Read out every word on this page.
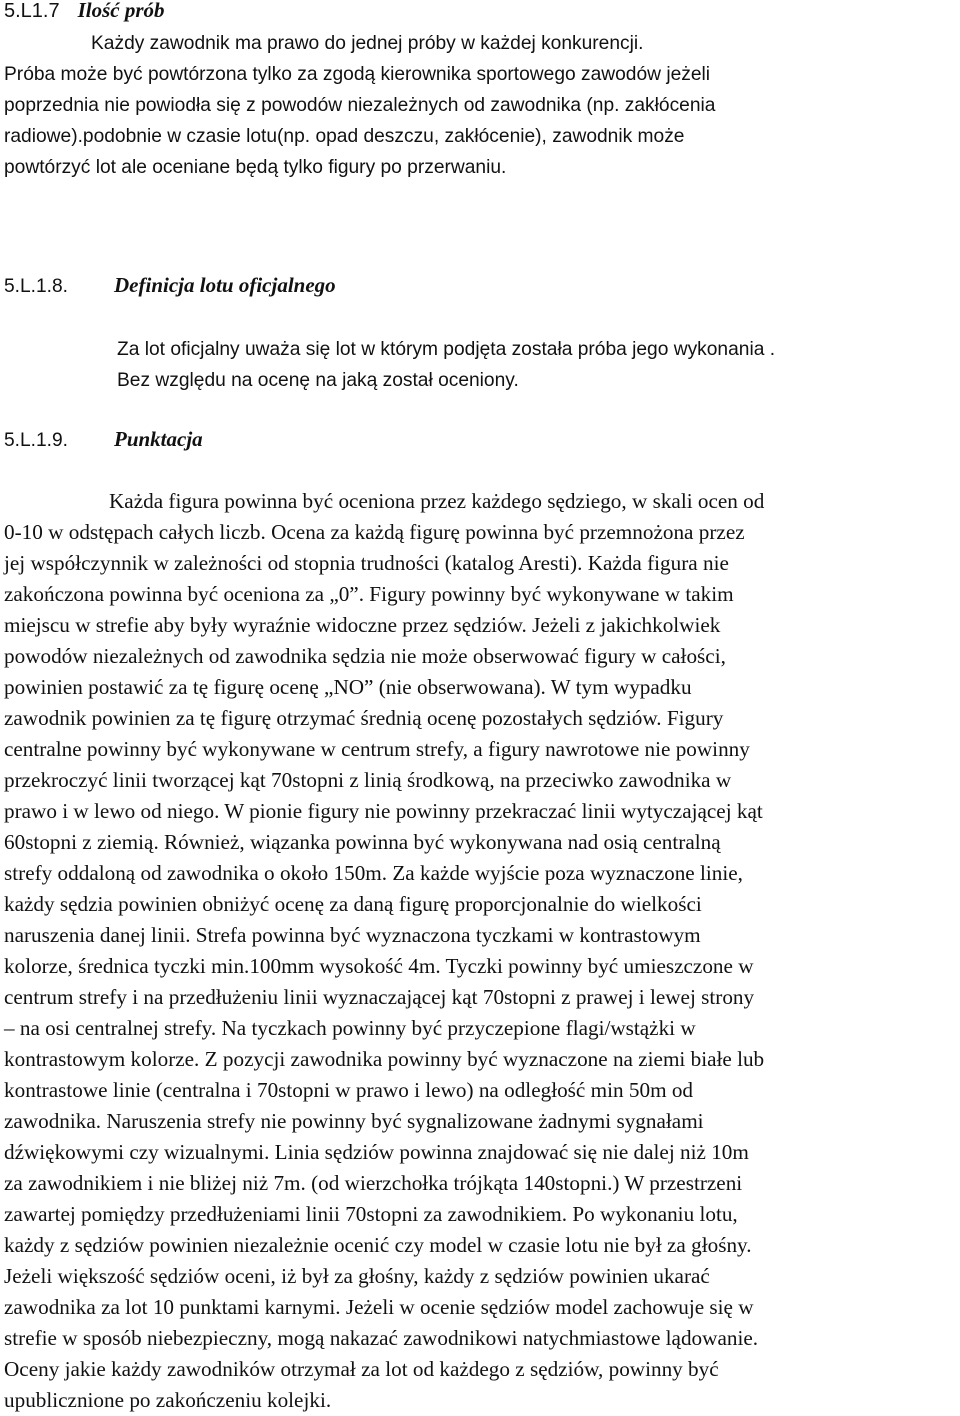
5.L1.7 Ilość prób
Każdy zawodnik ma prawo do jednej próby w każdej konkurencji.
Próba może być powtórzona tylko za zgodą kierownika sportowego zawodów jeżeli
poprzednia nie powiodła się z powodów niezależnych od zawodnika (np. zakłócenia
radiowe).podobnie w czasie lotu(np. opad deszczu, zakłócenie), zawodnik może
powtórzyć lot ale oceniane będą tylko figury po przerwaniu.
5.L.1.8. Definicja lotu oficjalnego
Za lot oficjalny uważa się lot w którym podjęta została próba jego wykonania .
Bez względu na ocenę na jaką został oceniony.
5.L.1.9. Punktacja
Każda figura powinna być oceniona przez każdego sędziego, w skali ocen od
0-10 w odstępach całych liczb. Ocena za każdą figurę powinna być przemnożona przez
jej współczynnik w zależności od stopnia trudności (katalog Aresti). Każda figura nie
zakończona powinna być oceniona za „0”. Figury powinny być wykonywane w takim
miejscu w strefie aby były wyraźnie widoczne przez sędziów. Jeżeli z jakichkolwiek
powodów niezależnych od zawodnika sędzia nie może obserwować figury w całości,
powinien postawić za tę figurę ocenę „NO” (nie obserwowana). W tym wypadku
zawodnik powinien za tę figurę otrzymać średnią ocenę pozostałych sędziów. Figury
centralne powinny być wykonywane w centrum strefy, a figury nawrotowe nie powinny
przekroczyć linii tworzącej kąt 70stopni z linią środkową, na przeciwko zawodnika w
prawo i w lewo od niego. W pionie figury nie powinny przekraczać linii wytyczającej kąt
60stopni z ziemią. Również, wiązanka powinna być wykonywana nad osią centralną
strefy oddaloną od zawodnika o około 150m. Za każde wyjście poza wyznaczone linie,
każdy sędzia powinien obniżyć ocenę za daną figurę proporcjonalnie do wielkości
naruszenia danej linii. Strefa powinna być wyznaczona tyczkami w kontrastowym
kolorze, średnica tyczki min.100mm wysokość 4m. Tyczki powinny być umieszczone w
centrum strefy i na przedłużeniu linii wyznaczającej kąt 70stopni z prawej i lewej strony
– na osi centralnej strefy. Na tyczkach powinny być przyczepione flagi/wstążki w
kontrastowym kolorze. Z pozycji zawodnika powinny być wyznaczone na ziemi białe lub
kontrastowe linie (centralna i 70stopni w prawo i lewo) na odległość min 50m od
zawodnika. Naruszenia strefy nie powinny być sygnalizowane żadnymi sygnałami
dźwiękowymi czy wizualnymi. Linia sędziów powinna znajdować się nie dalej niż 10m
za zawodnikiem i nie bliżej niż 7m. (od wierzchołka trójkąta 140stopni.) W przestrzeni
zawartej pomiędzy przedłużeniami linii 70stopni za zawodnikiem. Po wykonaniu lotu,
każdy z sędziów powinien niezależnie ocenić czy model w czasie lotu nie był za głośny.
Jeżeli większość sędziów oceni, iż był za głośny, każdy z sędziów powinien ukarać
zawodnika za lot 10 punktami karnymi. Jeżeli w ocenie sędziów model zachowuje się w
strefie w sposób niebezpieczny, mogą nakazać zawodnikowi natychmiastowe lądowanie.
Oceny jakie każdy zawodników otrzymał za lot od każdego z sędziów, powinny być
upublicznione po zakończeniu kolejki.
